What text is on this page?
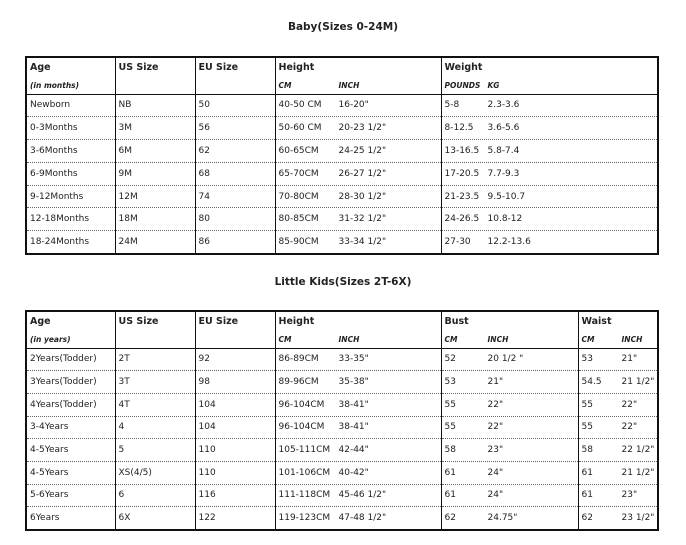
Baby(Sizes 0-24M)
Age	US Size	EU Size	Height	Weight
(in months)			CM INCH	POUNDS KG

Newborn	NB	50	40-50 CM 16-20"	5-8 2.3-3.6

0-3Months	3M	56	50-60 CM 20-23 1/2"	8-12.5 3.6-5.6

3-6Months	6M	62	60-65CM 24-25 1/2"	13-16.5 5.8-7.4

6-9Months	9M	68	65-70CM 26-27 1/2"	17-20.5 7.7-9.3

9-12Months	12M	74	70-80CM 28-30 1/2"	21-23.5 9.5-10.7

12-18Months	18M	80	80-85CM 31-32 1/2"	24-26.5 10.8-12

18-24Months	24M	86	85-90CM 33-34 1/2"	27-30 12.2-13.6
Little Kids(Sizes 2T-6X)
Age	US Size	EU Size	Height	Bust	Waist
(in years)			CM INCH	CM INCH	CM INCH

2Years(Todder)	2T	92	86-89CM 33-35"	52 20 1/2 "	53 21"

3Years(Todder)	3T	98	89-96CM 35-38"	53 21"	54.5 21 1/2"

4Years(Todder)	4T	104	96-104CM 38-41"	55 22"	55 22"

3-4Years	4	104	96-104CM 38-41"	55 22"	55 22"

4-5Years	5	110	105-111CM 42-44"	58 23"	58 22 1/2"

4-5Years	XS(4/5)	110	101-106CM 40-42"	61 24"	61 21 1/2"

5-6Years	6	116	111-118CM 45-46 1/2"	61 24"	61 23"

6Years	6X	122	119-123CM 47-48 1/2"	62 24.75"	62 23 1/2"
